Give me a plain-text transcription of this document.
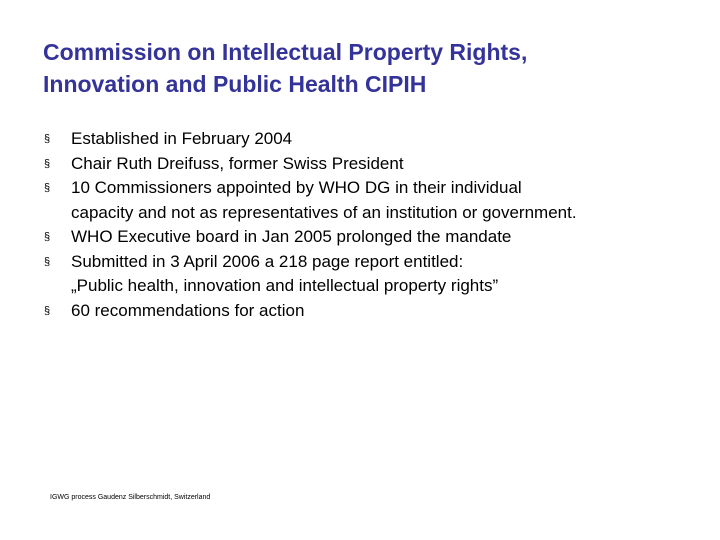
Commission on Intellectual Property Rights,
Innovation and Public Health CIPIH
§	Established in February 2004
§	Chair Ruth Dreifuss, former Swiss President
§	10 Commissioners appointed by WHO DG in their individual
capacity and not as representatives of an institution or government.
§	WHO Executive board in Jan 2005 prolonged the mandate
§	Submitted in 3 April 2006 a 218 page report entitled:
„Public health, innovation and intellectual property rights”
§	60 recommendations for action

IGWG process Gaudenz Silberschmidt, Switzerland
